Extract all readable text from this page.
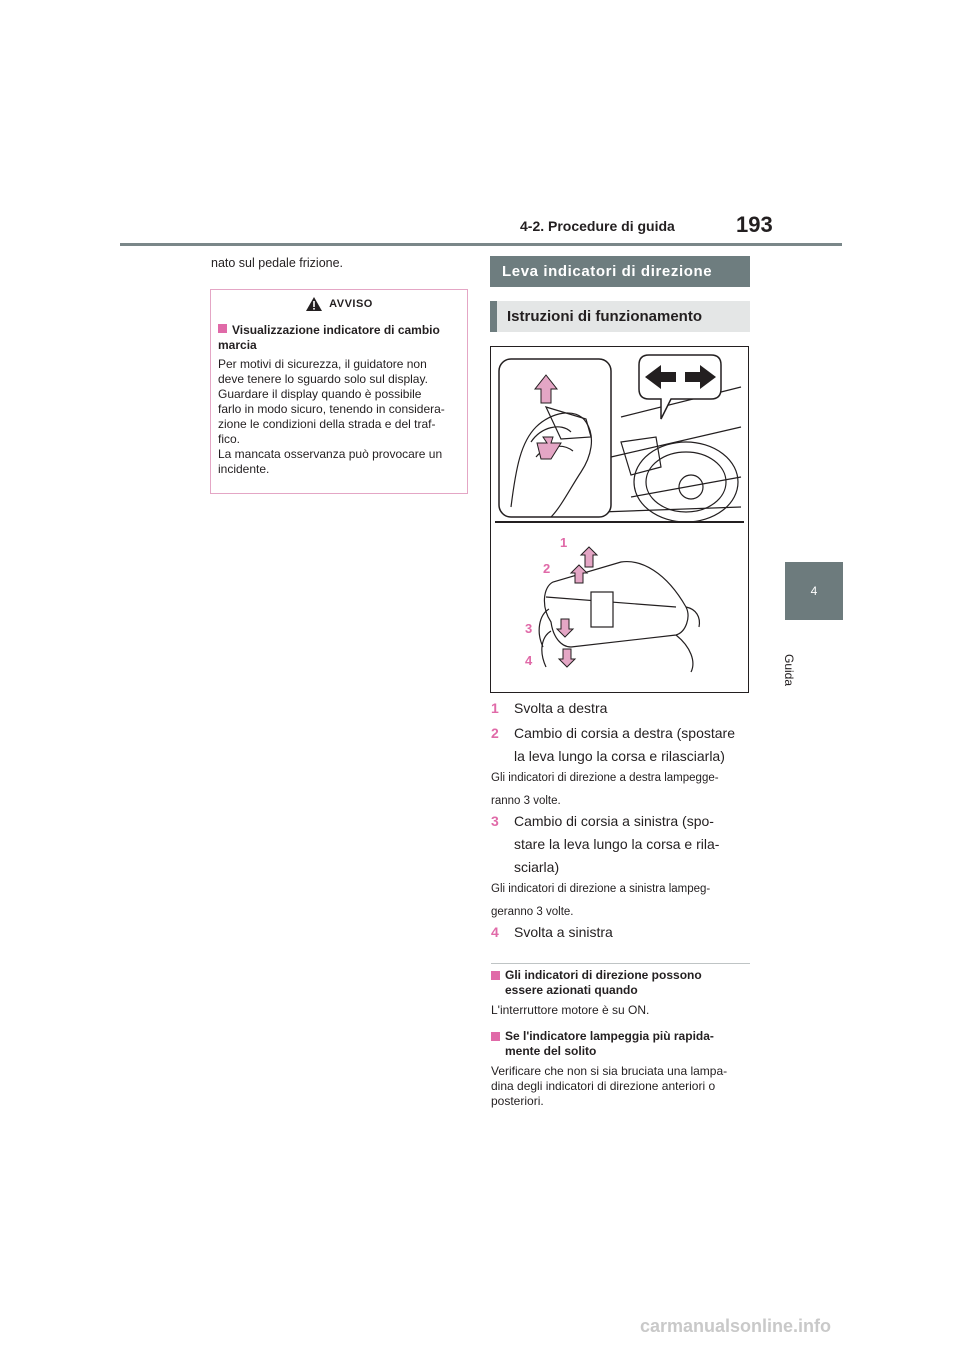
4-2. Procedure di guida	193
4
Guida
nato sul pedale frizione.
AVVISO
Visualizzazione indicatore di cambio marcia
Per motivi di sicurezza, il guidatore non
deve tenere lo sguardo solo sul display.
Guardare il display quando è possibile
farlo in modo sicuro, tenendo in considera-
zione le condizioni della strada e del traf-
fico.
La mancata osservanza può provocare un
incidente.
Leva indicatori di direzione
Istruzioni di funzionamento
1
2
3
4
1 Svolta a destra
2 Cambio di corsia a destra (spostare
la leva lungo la corsa e rilasciarla)
Gli indicatori di direzione a destra lampegge-
ranno 3 volte.
3 Cambio di corsia a sinistra (spo-
stare la leva lungo la corsa e rila-
sciarla)
Gli indicatori di direzione a sinistra lampeg-
geranno 3 volte.
4 Svolta a sinistra
Gli indicatori di direzione possono
essere azionati quando
L'interruttore motore è su ON.
Se l'indicatore lampeggia più rapida-
mente del solito
Verificare che non si sia bruciata una lampa-
dina degli indicatori di direzione anteriori o
posteriori.
carmanualsonline.info
